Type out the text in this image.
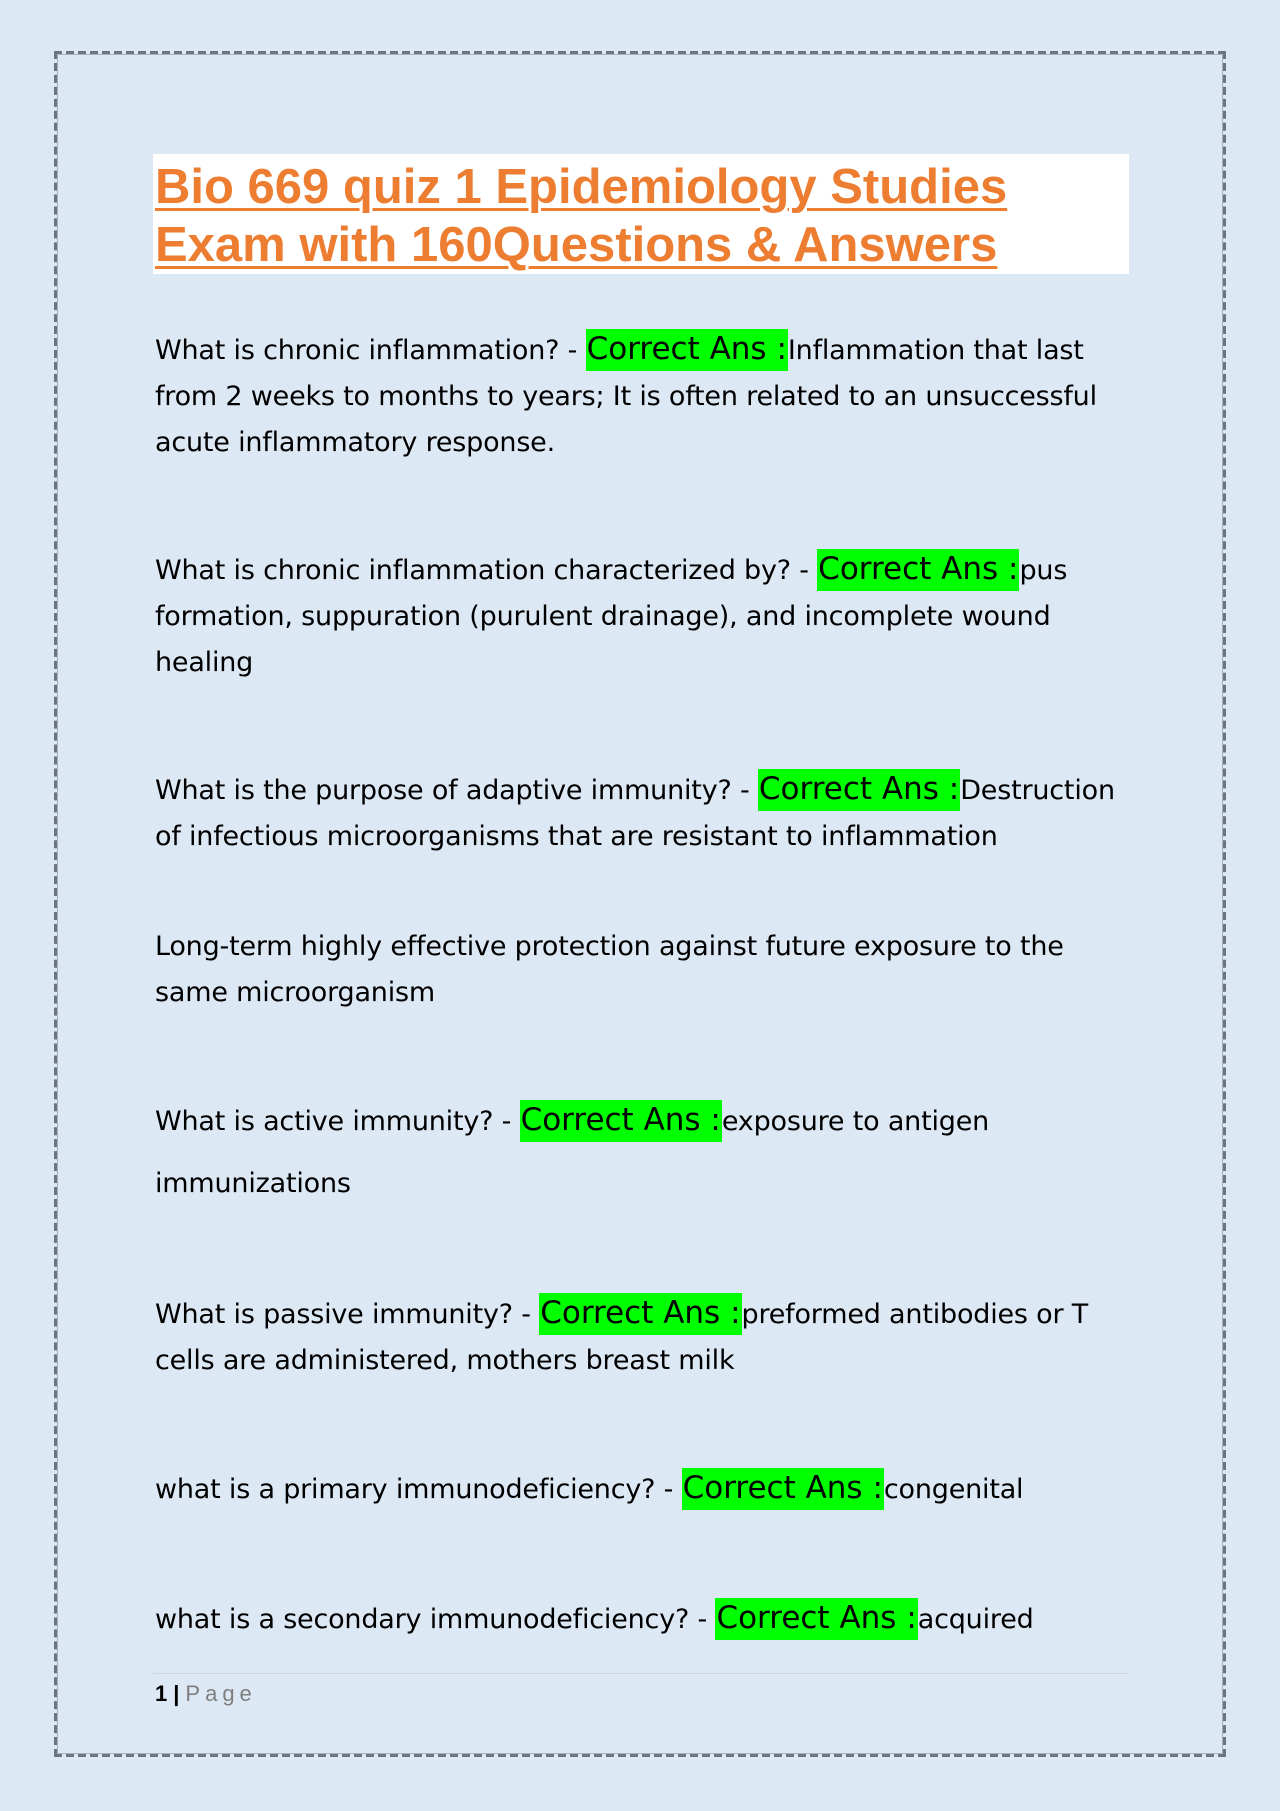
Bio 669 quiz 1 Epidemiology Studies Exam with 160Questions & Answers

What is chronic inflammation? - Correct Ans :Inflammation that last from 2 weeks to months to years; It is often related to an unsuccessful acute inflammatory response.

What is chronic inflammation characterized by? - Correct Ans :pus formation, suppuration (purulent drainage), and incomplete wound healing

What is the purpose of adaptive immunity? - Correct Ans :Destruction of infectious microorganisms that are resistant to inflammation

Long-term highly effective protection against future exposure to the same microorganism

What is active immunity? - Correct Ans :exposure to antigen

immunizations

What is passive immunity? - Correct Ans :preformed antibodies or T cells are administered, mothers breast milk

what is a primary immunodeficiency? - Correct Ans :congenital

what is a secondary immunodeficiency? - Correct Ans :acquired

1 | Page
